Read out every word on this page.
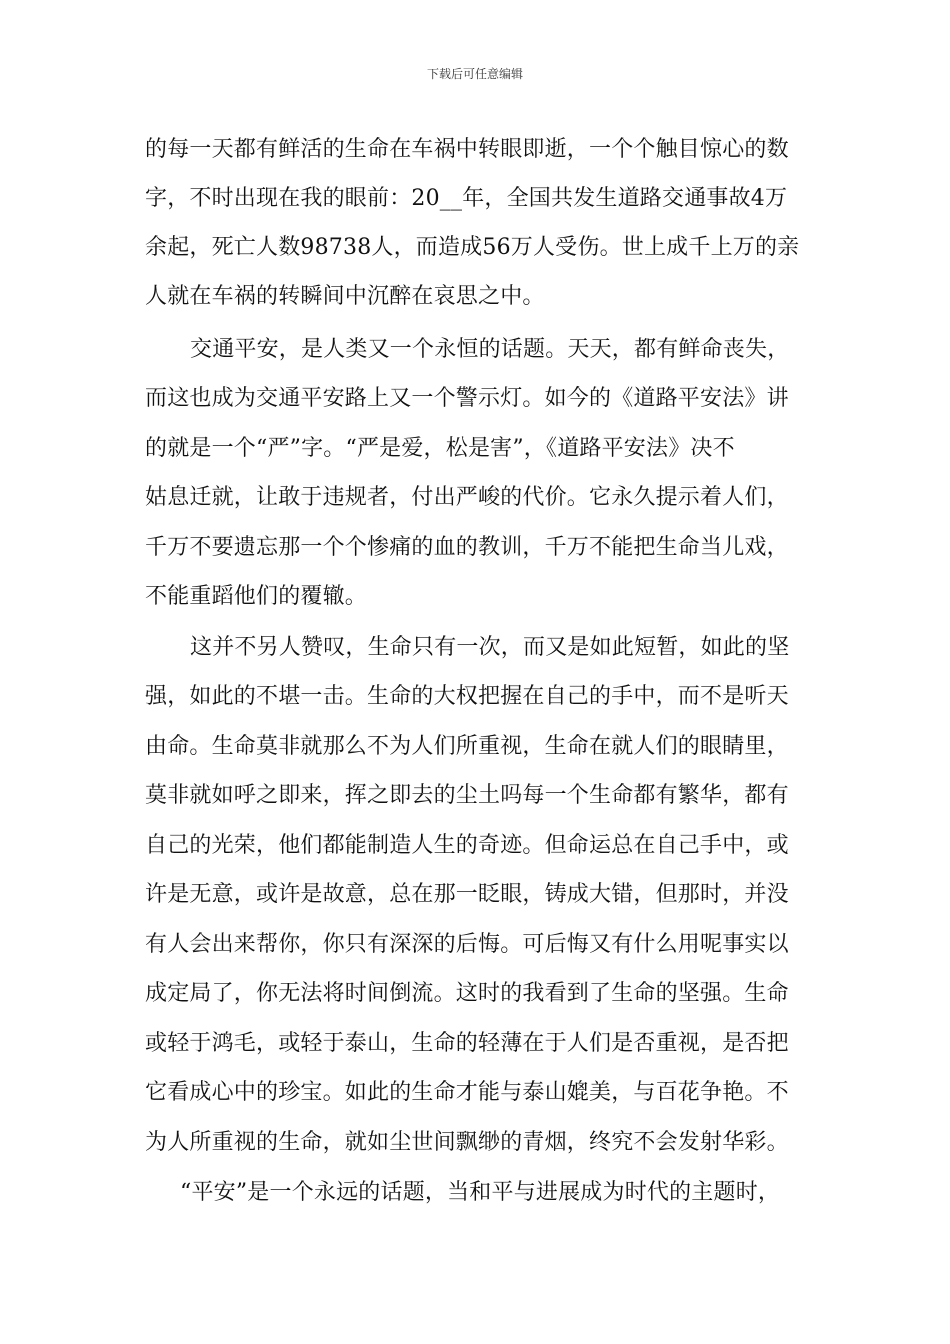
下载后可任意编辑
的每一天都有鲜活的生命在车祸中转眼即逝，一个个触目惊心的数
字，不时出现在我的眼前：20__年，全国共发生道路交通事故4万
余起，死亡人数98738人，而造成56万人受伤。世上成千上万的亲
人就在车祸的转瞬间中沉醉在哀思之中。
交通平安，是人类又一个永恒的话题。天天，都有鲜命丧失，
而这也成为交通平安路上又一个警示灯。如今的《道路平安法》讲
的就是一个“严”字。“严是爱，松是害”，《道路平安法》决不
姑息迁就，让敢于违规者，付出严峻的代价。它永久提示着人们，
千万不要遗忘那一个个惨痛的血的教训，千万不能把生命当儿戏，
不能重蹈他们的覆辙。
这并不另人赞叹，生命只有一次，而又是如此短暂，如此的坚
强，如此的不堪一击。生命的大权把握在自己的手中，而不是听天
由命。生命莫非就那么不为人们所重视，生命在就人们的眼睛里，
莫非就如呼之即来，挥之即去的尘土吗每一个生命都有繁华，都有
自己的光荣，他们都能制造人生的奇迹。但命运总在自己手中，或
许是无意，或许是故意，总在那一眨眼，铸成大错，但那时，并没
有人会出来帮你，你只有深深的后悔。可后悔又有什么用呢事实以
成定局了，你无法将时间倒流。这时的我看到了生命的坚强。生命
或轻于鸿毛，或轻于泰山，生命的轻薄在于人们是否重视，是否把
它看成心中的珍宝。如此的生命才能与泰山媲美，与百花争艳。不
为人所重视的生命，就如尘世间飘缈的青烟，终究不会发射华彩。
“平安”是一个永远的话题，当和平与进展成为时代的主题时，
